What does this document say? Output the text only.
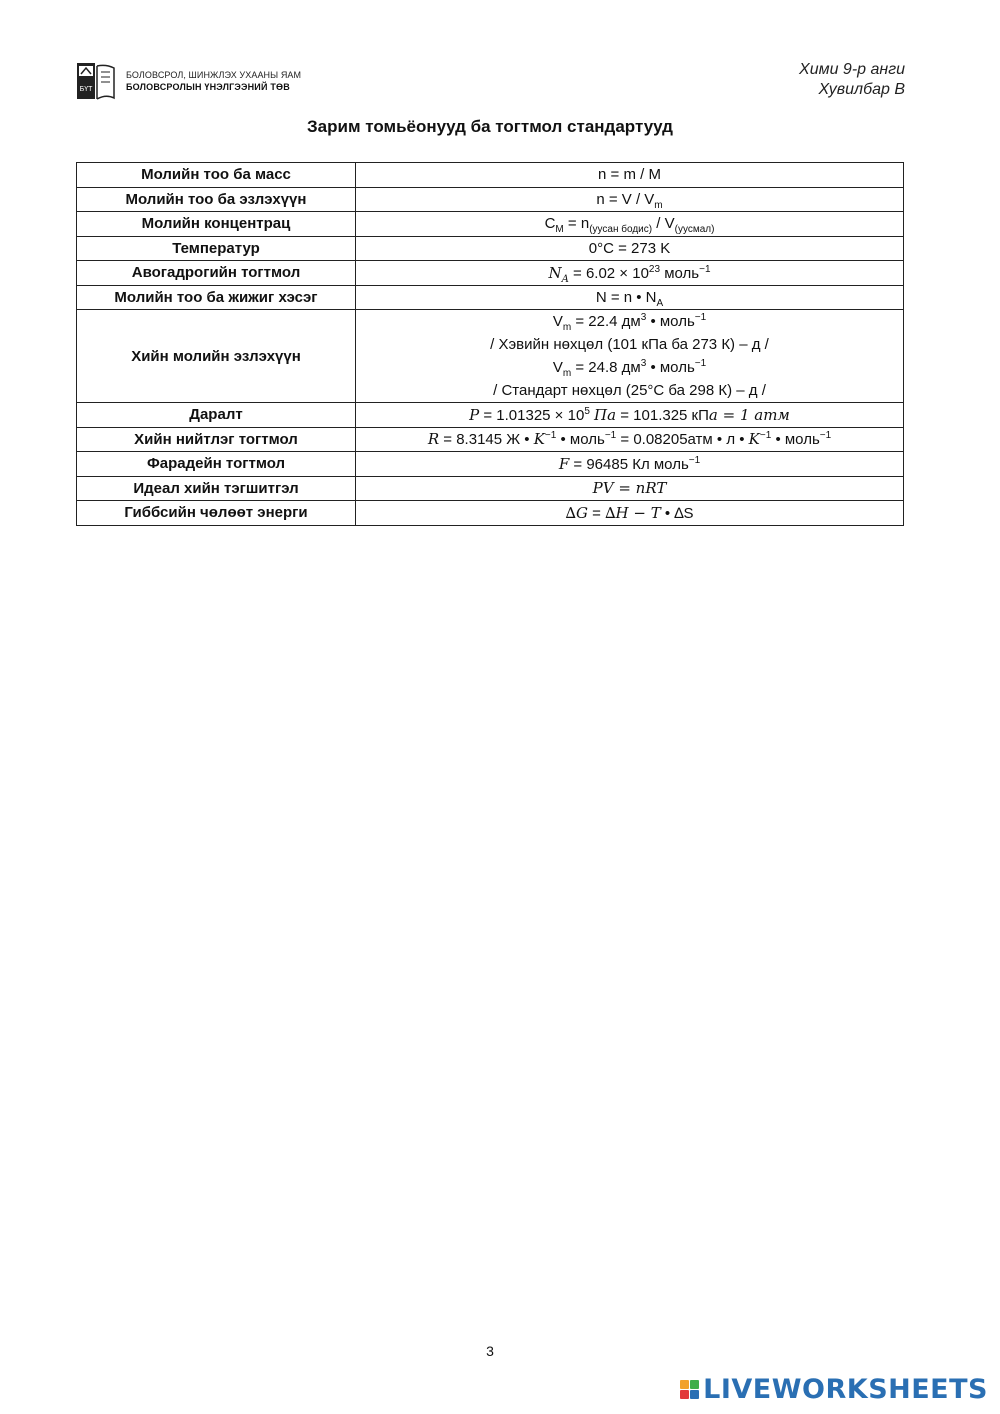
БҮТ
БОЛОВСРОЛ, ШИНЖЛЭХ УХААНЫ ЯАМ
БОЛОВСРОЛЫН ҮНЭЛГЭЭНИЙ ТӨВ
Хими 9-р анги
Хувилбар В
Зарим томьёонууд ба тогтмол стандартууд
Молийн тоо ба масс	n = m / M
Молийн тоо ба эзлэхүүн	$n = V / V_m$
Молийн концентрац	$C_M = n_{(уусан бодис)} / V_{(уусмал)}$
Температур	0°C = 273 K
Авогадрогийн тогтмол	$N_A = 6.02 \times 10^{23}$ моль$^{-1}$
Молийн тоо ба жижиг хэсэг	N = n • $N_A$
Хийн молийн эзлэхүүн	$V_m = 22.4$ $дм^3$ • моль$^{-1}$
/ Хэвийн нөхцөл (101 кПа ба 273 К) – д /
$V_m = 24.8$ $дм^3$ • моль$^{-1}$
/ Стандарт нөхцөл (25°С ба 298 К) – д /

Даралт	$P = 1.01325 \times 10^5$ Па = 101.325 кПа = 1 атм
Хийн нийтлэг тогтмол	R = 8.3145 Ж • $K^{-1}$ • моль$^{-1}$ = 0.08205атм • л • $K^{-1}$ • моль$^{-1}$
Фарадейн тогтмол	F = 96485 Кл моль$^{-1}$
Идеал хийн тэгшитгэл	PV = nRT
Гиббсийн чөлөөт энерги	∆G = ∆H − T • ∆S
3
LIVEWORKSHEETS
